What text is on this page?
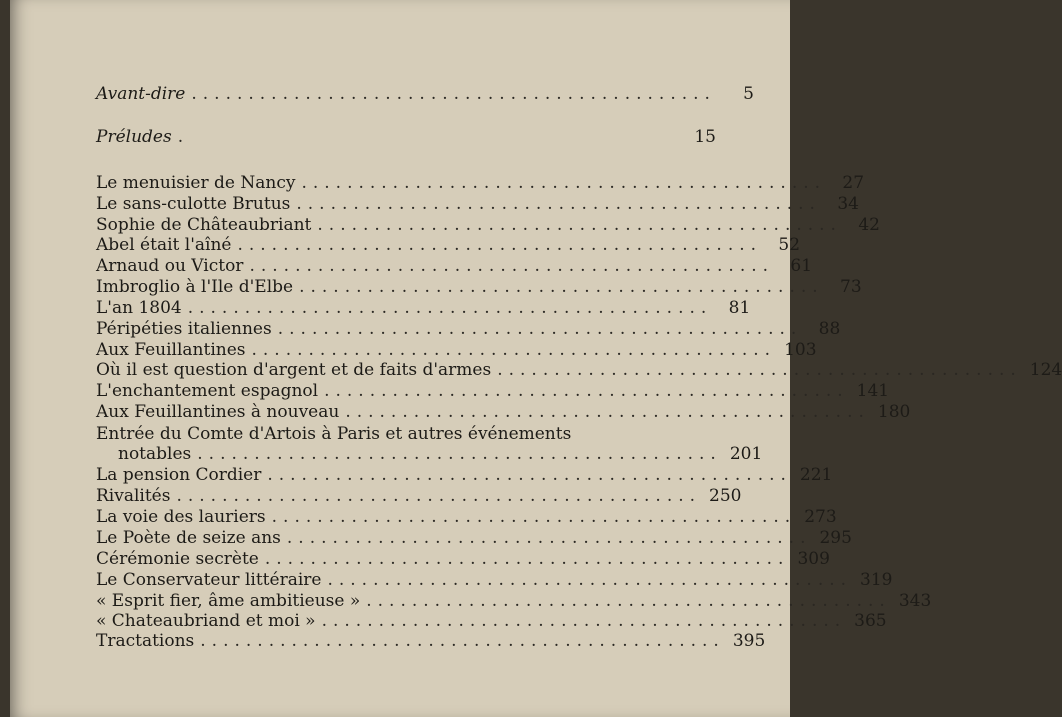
Avant-dire ..............................................	5
Préludes .	15
Le menuisier de Nancy .............................................. 27
Le sans-culotte Brutus .............................................. 34
Sophie de Châteaubriant .............................................. 42
Abel était l'aîné .............................................. 52
Arnaud ou Victor .............................................. 61
Imbroglio à l'Ile d'Elbe .............................................. 73
L'an 1804 .............................................. 81
Péripéties italiennes .............................................. 88
Aux Feuillantines .............................................. 103
Où il est question d'argent et de faits d'armes .............................................. 124
L'enchantement espagnol .............................................. 141
Aux Feuillantines à nouveau .............................................. 180
Entrée du Comte d'Artois à Paris et autres événements
notables .............................................. 201
La pension Cordier .............................................. 221
Rivalités .............................................. 250
La voie des lauriers .............................................. 273
Le Poète de seize ans .............................................. 295
Cérémonie secrète .............................................. 309
Le Conservateur littéraire .............................................. 319
« Esprit fier, âme ambitieuse » .............................................. 343
« Chateaubriand et moi » .............................................. 365
Tractations .............................................. 395
